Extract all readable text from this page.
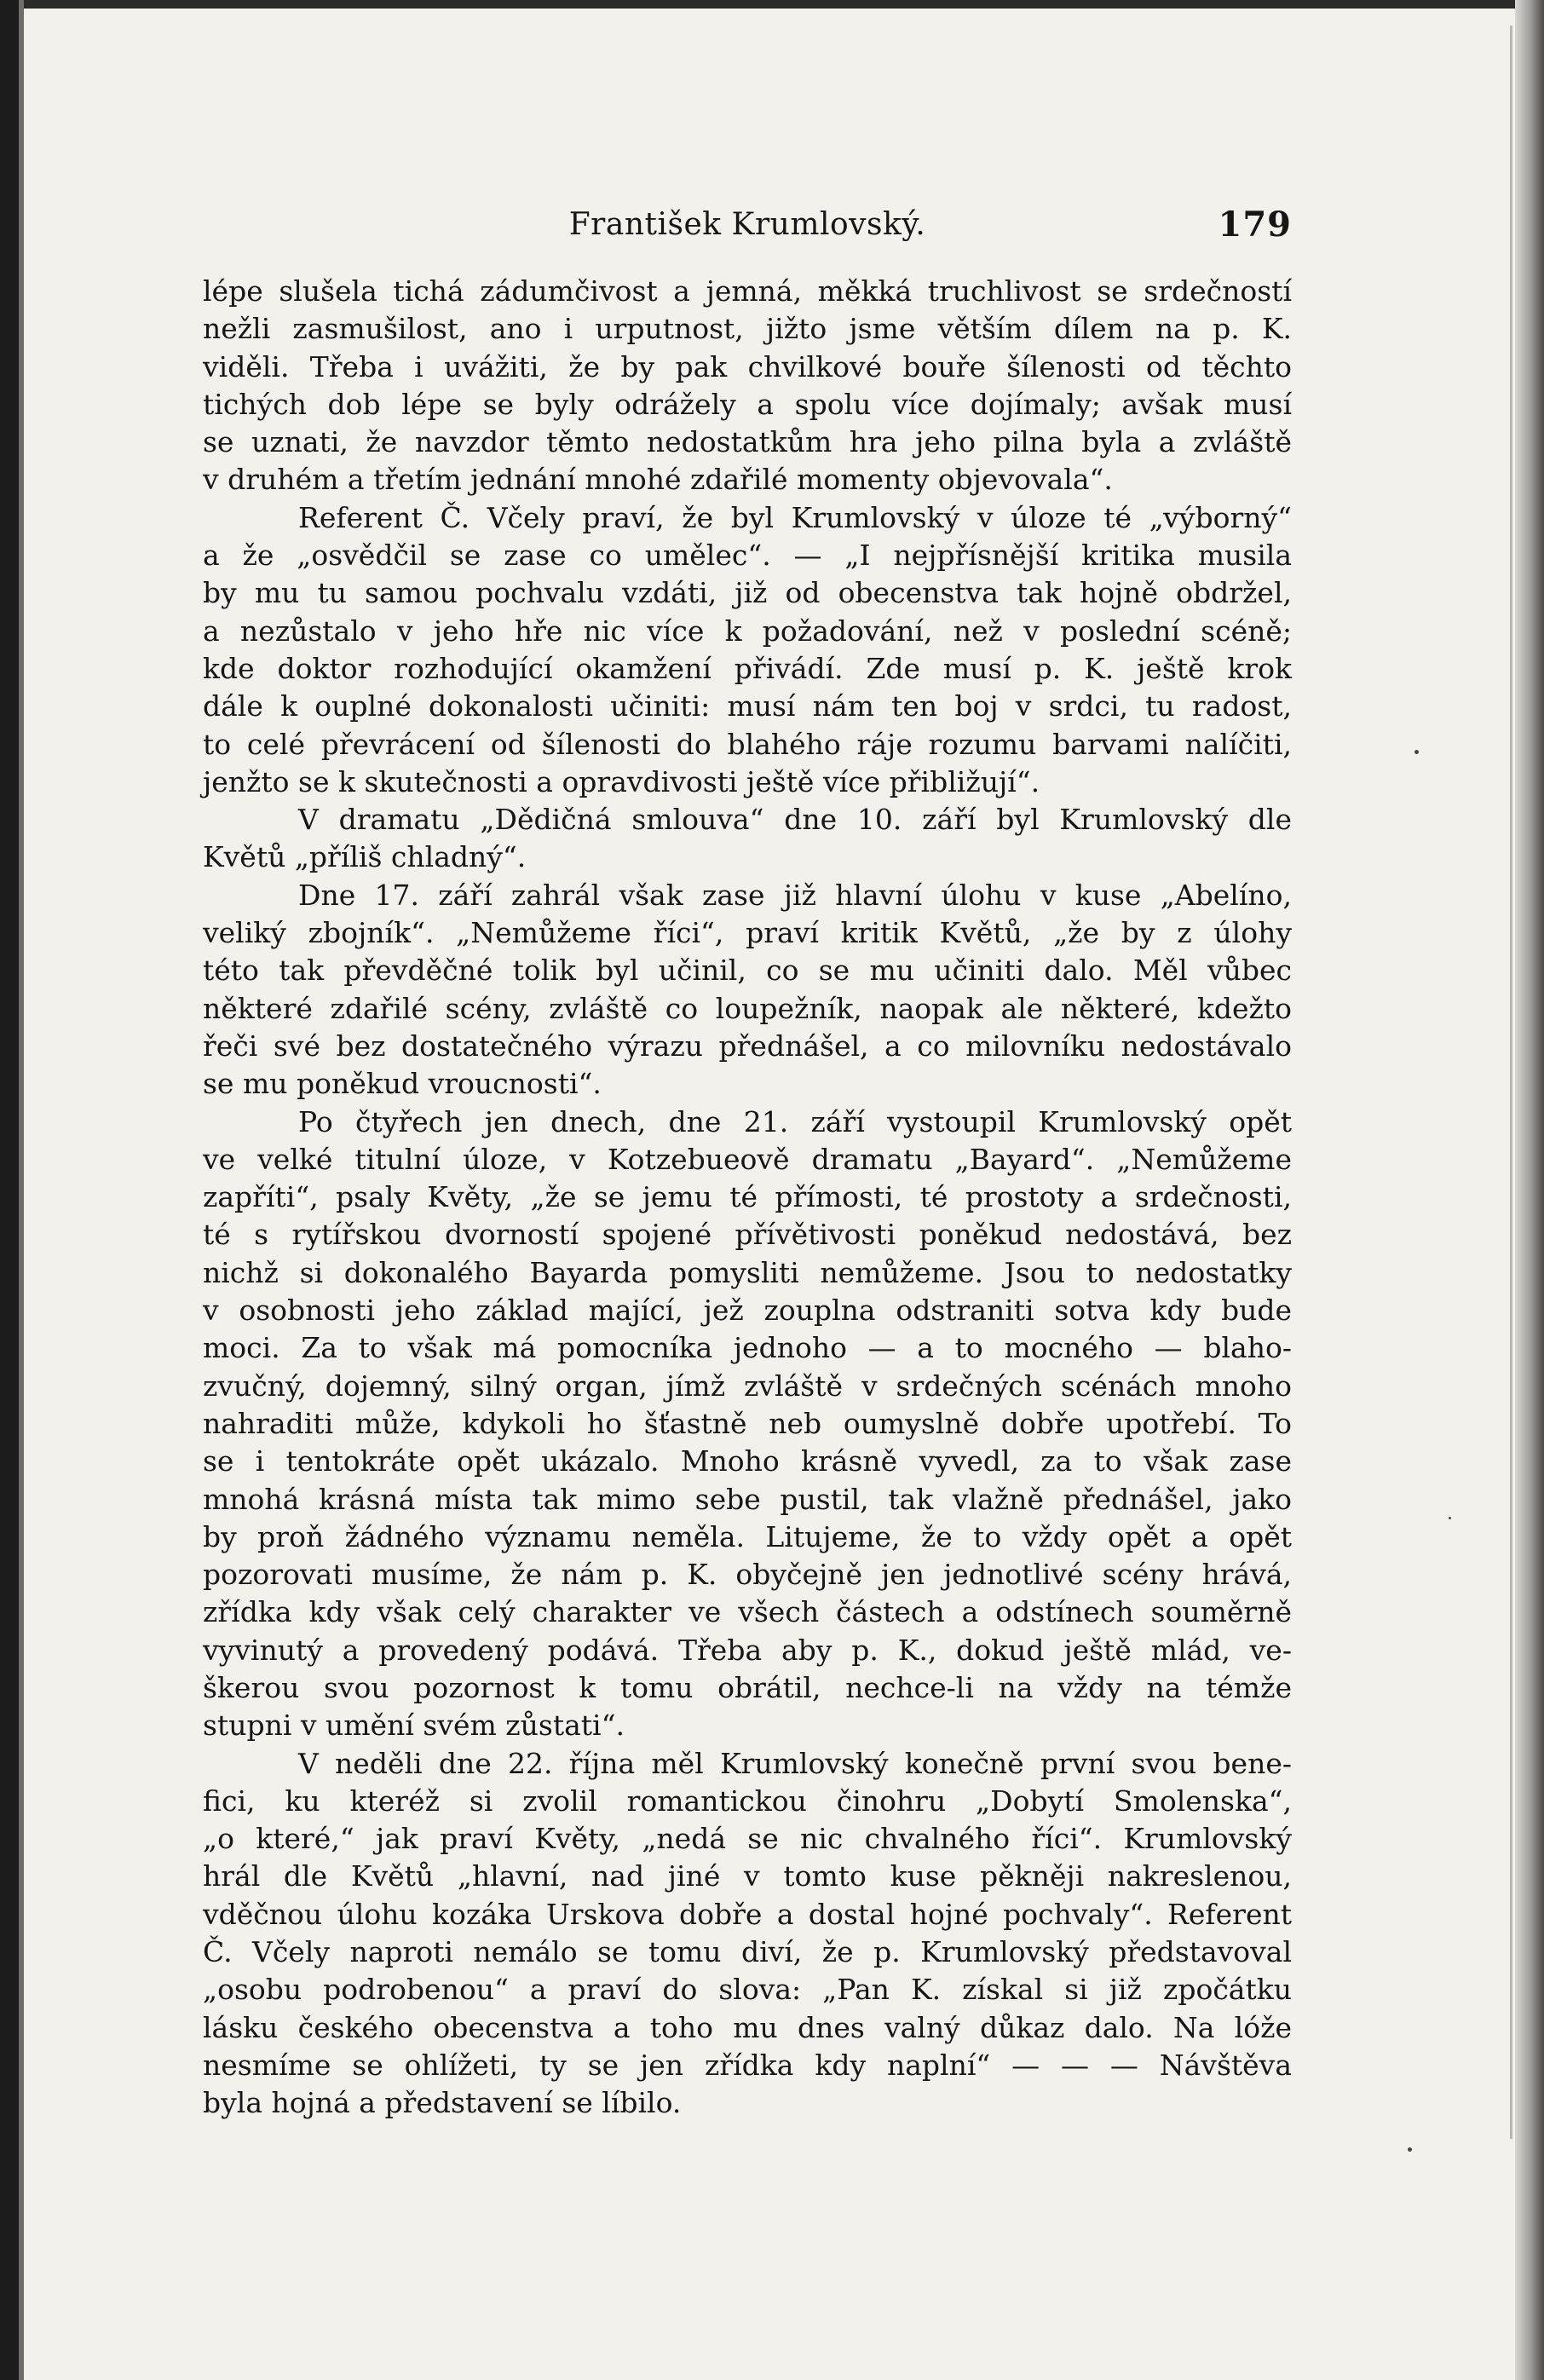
František Krumlovský.	179
lépe slušela tichá zádumčivost a jemná, měkká truchlivost se srdečností
nežli zasmušilost, ano i urputnost, jižto jsme větším dílem na p. K.
viděli. Třeba i uvážiti, že by pak chvilkové bouře šílenosti od těchto
tichých dob lépe se byly odrážely a spolu více dojímaly; avšak musí
se uznati, že navzdor těmto nedostatkům hra jeho pilna byla a zvláště
v druhém a třetím jednání mnohé zdařilé momenty objevovala“.
Referent Č. Včely praví, že byl Krumlovský v úloze té „výborný“
a že „osvědčil se zase co umělec“. — „I nejpřísnější kritika musila
by mu tu samou pochvalu vzdáti, již od obecenstva tak hojně obdržel,
a nezůstalo v jeho hře nic více k požadování, než v poslední scéně;
kde doktor rozhodující okamžení přivádí. Zde musí p. K. ještě krok
dále k ouplné dokonalosti učiniti: musí nám ten boj v srdci, tu radost,
to celé převrácení od šílenosti do blahého ráje rozumu barvami nalíčiti,
jenžto se k skutečnosti a opravdivosti ještě více přibližují“.
V dramatu „Dědičná smlouva“ dne 10. září byl Krumlovský dle
Květů „příliš chladný“.
Dne 17. září zahrál však zase již hlavní úlohu v kuse „Abelíno,
veliký zbojník“. „Nemůžeme říci“, praví kritik Květů, „že by z úlohy
této tak převděčné tolik byl učinil, co se mu učiniti dalo. Měl vůbec
některé zdařilé scény, zvláště co loupežník, naopak ale některé, kdežto
řeči své bez dostatečného výrazu přednášel, a co milovníku nedostávalo
se mu poněkud vroucnosti“.
Po čtyřech jen dnech, dne 21. září vystoupil Krumlovský opět
ve velké titulní úloze, v Kotzebueově dramatu „Bayard“. „Nemůžeme
zapříti“, psaly Květy, „že se jemu té přímosti, té prostoty a srdečnosti,
té s rytířskou dvorností spojené přívětivosti poněkud nedostává, bez
nichž si dokonalého Bayarda pomysliti nemůžeme. Jsou to nedostatky
v osobnosti jeho základ mající, jež zouplna odstraniti sotva kdy bude
moci. Za to však má pomocníka jednoho — a to mocného — blaho-
zvučný, dojemný, silný organ, jímž zvláště v srdečných scénách mnoho
nahraditi může, kdykoli ho šťastně neb oumyslně dobře upotřebí. To
se i tentokráte opět ukázalo. Mnoho krásně vyvedl, za to však zase
mnohá krásná místa tak mimo sebe pustil, tak vlažně přednášel, jako
by proň žádného významu neměla. Litujeme, že to vždy opět a opět
pozorovati musíme, že nám p. K. obyčejně jen jednotlivé scény hrává,
zřídka kdy však celý charakter ve všech částech a odstínech souměrně
vyvinutý a provedený podává. Třeba aby p. K., dokud ještě mlád, ve-
škerou svou pozornost k tomu obrátil, nechce-li na vždy na témže
stupni v umění svém zůstati“.
V neděli dne 22. října měl Krumlovský konečně první svou bene-
fici, ku kteréž si zvolil romantickou činohru „Dobytí Smolenska“,
„o které,“ jak praví Květy, „nedá se nic chvalného říci“. Krumlovský
hrál dle Květů „hlavní, nad jiné v tomto kuse pěkněji nakreslenou,
vděčnou úlohu kozáka Urskova dobře a dostal hojné pochvaly“. Referent
Č. Včely naproti nemálo se tomu diví, že p. Krumlovský představoval
„osobu podrobenou“ a praví do slova: „Pan K. získal si již zpočátku
lásku českého obecenstva a toho mu dnes valný důkaz dalo. Na lóže
nesmíme se ohlížeti, ty se jen zřídka kdy naplní“ — — — Návštěva
byla hojná a představení se líbilo.
